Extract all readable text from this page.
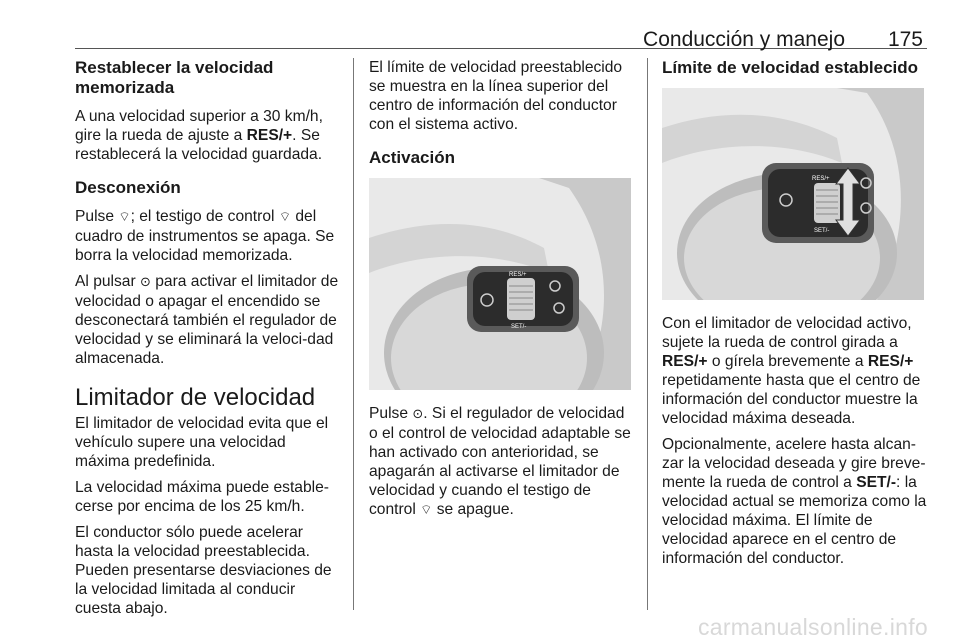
Conducción y manejo 175
Restablecer la velocidad memorizada

A una velocidad superior a 30 km/h, gire la rueda de ajuste a RES/+. Se restablecerá la velocidad guardada.

Desconexión

Pulse ⌔; el testigo de control ⌔ del cuadro de instrumentos se apaga. Se borra la velocidad memorizada.

Al pulsar ⊙ para activar el limitador de velocidad o apagar el encendido se desconectará también el regulador de velocidad y se eliminará la veloci-dad almacenada.

Limitador de velocidad

El limitador de velocidad evita que el vehículo supere una velocidad máxima predefinida.

La velocidad máxima puede estable-cerse por encima de los 25 km/h.

El conductor sólo puede acelerar hasta la velocidad preestablecida. Pueden presentarse desviaciones de la velocidad limitada al conducir cuesta abajo.

El límite de velocidad preestablecido se muestra en la línea superior del centro de información del conductor con el sistema activo.

Activación
RES/+
SET/-

Pulse ⊙. Si el regulador de velocidad o el control de velocidad adaptable se han activado con anterioridad, se apagarán al activarse el limitador de velocidad y cuando el testigo de control ⌔ se apague.

Límite de velocidad establecido
RES/+
SET/-

Con el limitador de velocidad activo, sujete la rueda de control girada a RES/+ o gírela brevemente a RES/+ repetidamente hasta que el centro de información del conductor muestre la velocidad máxima deseada.

Opcionalmente, acelere hasta alcan-zar la velocidad deseada y gire breve-mente la rueda de control a SET/-: la velocidad actual se memoriza como la velocidad máxima. El límite de velocidad aparece en el centro de información del conductor.

carmanualsonline.info
